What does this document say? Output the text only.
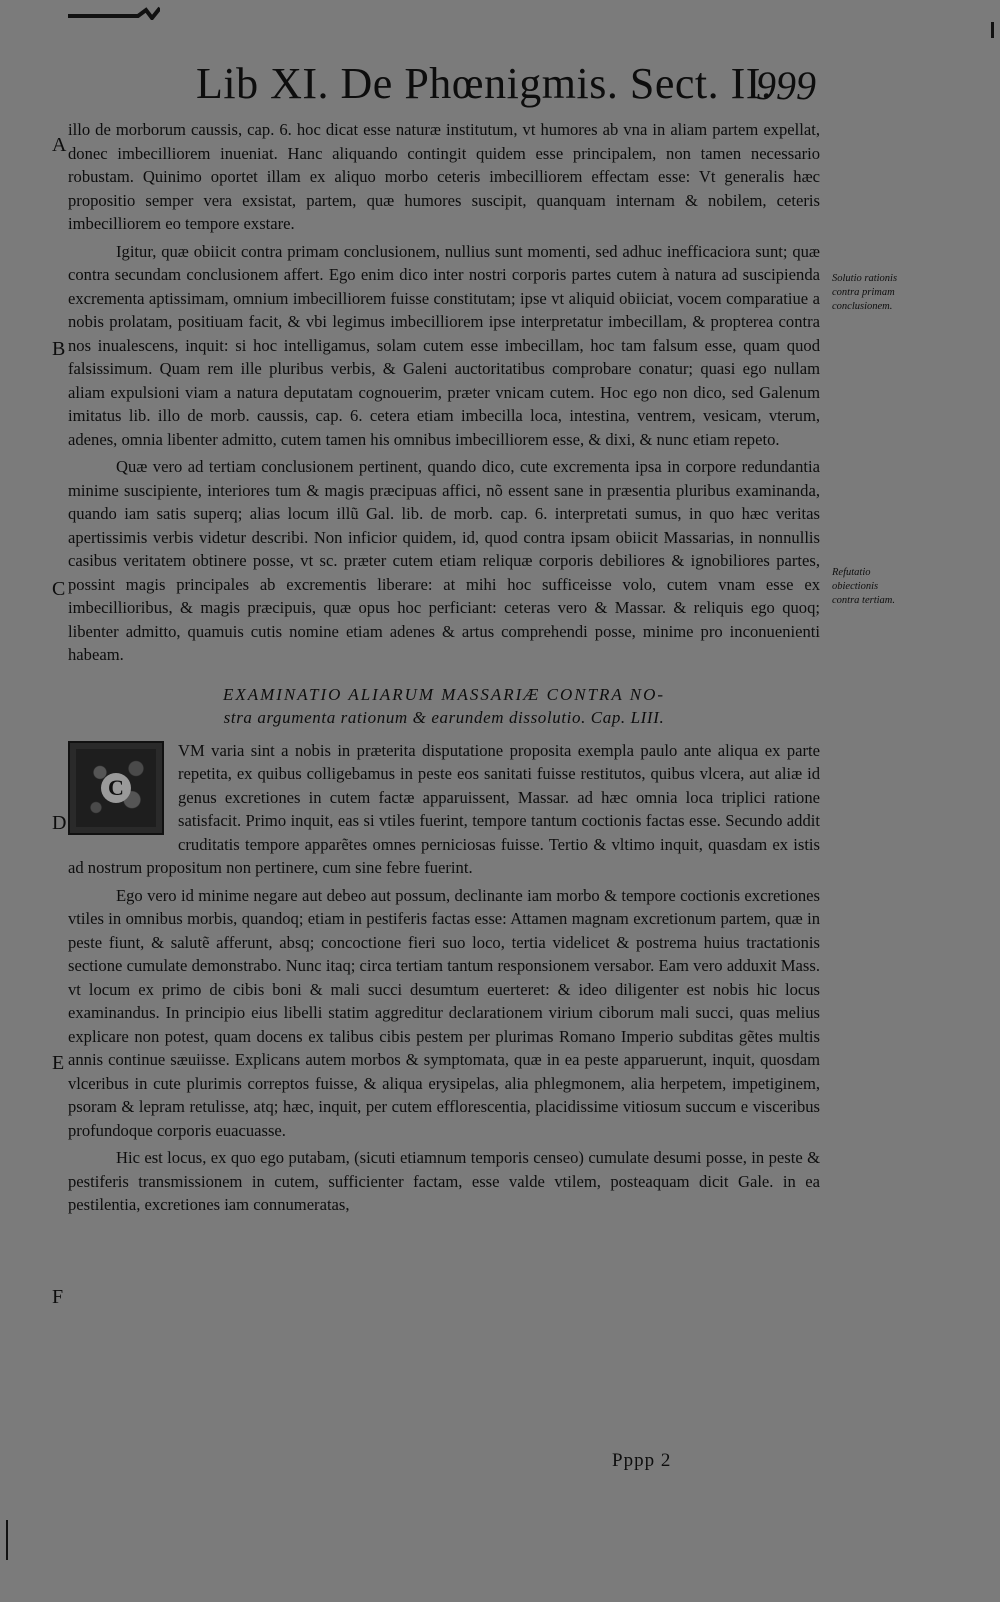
Lib XI. De Phœnigmis. Sect. II.
999
A
B
C
D
E
F
Solutio rationis contra primam conclusionem.
Refutatio obiectionis contra tertiam.

illo de morborum caussis, cap. 6. hoc dicat esse naturæ institutum, vt humores ab vna in aliam partem expellat, donec imbecilliorem inueniat. Hanc aliquando contingit quidem esse principalem, non tamen necessario robustam. Quinimo oportet illam ex aliquo morbo ceteris imbecilliorem effectam esse: Vt generalis hæc propositio semper vera exsistat, partem, quæ humores suscipit, quanquam internam & nobilem, ceteris imbecilliorem eo tempore exstare.

Igitur, quæ obiicit contra primam conclusionem, nullius sunt momenti, sed adhuc inefficaciora sunt; quæ contra secundam conclusionem affert. Ego enim dico inter nostri corporis partes cutem à natura ad suscipienda excrementa aptissimam, omnium imbecilliorem fuisse constitutam; ipse vt aliquid obiiciat, vocem comparatiue a nobis prolatam, positiuam facit, & vbi legimus imbecilliorem ipse interpretatur imbecillam, & propterea contra nos inualescens, inquit: si hoc intelligamus, solam cutem esse imbecillam, hoc tam falsum esse, quam quod falsissimum. Quam rem ille pluribus verbis, & Galeni auctoritatibus comprobare conatur; quasi ego nullam aliam expulsioni viam a natura deputatam cognouerim, præter vnicam cutem. Hoc ego non dico, sed Galenum imitatus lib. illo de morb. caussis, cap. 6. cetera etiam imbecilla loca, intestina, ventrem, vesicam, vterum, adenes, omnia libenter admitto, cutem tamen his omnibus imbecilliorem esse, & dixi, & nunc etiam repeto.

Quæ vero ad tertiam conclusionem pertinent, quando dico, cute excrementa ipsa in corpore redundantia minime suscipiente, interiores tum & magis præcipuas affici, nõ essent sane in præsentia pluribus examinanda, quando iam satis superq; alias locum illũ Gal. lib. de morb. cap. 6. interpretati sumus, in quo hæc veritas apertissimis verbis videtur describi. Non inficior quidem, id, quod contra ipsam obiicit Massarias, in nonnullis casibus veritatem obtinere posse, vt sc. præter cutem etiam reliquæ corporis debiliores & ignobiliores partes, possint magis principales ab excrementis liberare: at mihi hoc sufficeisse volo, cutem vnam esse ex imbecillioribus, & magis præcipuis, quæ opus hoc perficiant: ceteras vero & Massar. & reliquis ego quoq; libenter admitto, quamuis cutis nomine etiam adenes & artus comprehendi posse, minime pro inconuenienti habeam.

EXAMINATIO ALIARUM MASSARIÆ CONTRA NO-
stra argumenta rationum & earundem dissolutio. Cap. LIII.
C

VM varia sint a nobis in præterita disputatione proposita exempla paulo ante aliqua ex parte repetita, ex quibus colligebamus in peste eos sanitati fuisse restitutos, quibus vlcera, aut aliæ id genus excretiones in cutem factæ apparuissent, Massar. ad hæc omnia loca triplici ratione satisfacit. Primo inquit, eas si vtiles fuerint, tempore tantum coctionis factas esse. Secundo addit cruditatis tempore apparẽtes omnes perniciosas fuisse. Tertio & vltimo inquit, quasdam ex istis ad nostrum propositum non pertinere, cum sine febre fuerint.

Ego vero id minime negare aut debeo aut possum, declinante iam morbo & tempore coctionis excretiones vtiles in omnibus morbis, quandoq; etiam in pestiferis factas esse: Attamen magnam excretionum partem, quæ in peste fiunt, & salutẽ afferunt, absq; concoctione fieri suo loco, tertia videlicet & postrema huius tractationis sectione cumulate demonstrabo. Nunc itaq; circa tertiam tantum responsionem versabor. Eam vero adduxit Mass. vt locum ex primo de cibis boni & mali succi desumtum euerteret: & ideo diligenter est nobis hic locus examinandus. In principio eius libelli statim aggreditur declarationem virium ciborum mali succi, quas melius explicare non potest, quam docens ex talibus cibis pestem per plurimas Romano Imperio subditas gẽtes multis annis continue sæuiisse. Explicans autem morbos & symptomata, quæ in ea peste apparuerunt, inquit, quosdam vlceribus in cute plurimis correptos fuisse, & aliqua erysipelas, alia phlegmonem, alia herpetem, impetiginem, psoram & lepram retulisse, atq; hæc, inquit, per cutem efflorescentia, placidissime vitiosum succum e visceribus profundoque corporis euacuasse.

Hic est locus, ex quo ego putabam, (sicuti etiamnum temporis censeo) cumulate desumi posse, in peste & pestiferis transmissionem in cutem, sufficienter factam, esse valde vtilem, posteaquam dicit Gale. in ea pestilentia, excretiones iam connumeratas,

Pppp 2
